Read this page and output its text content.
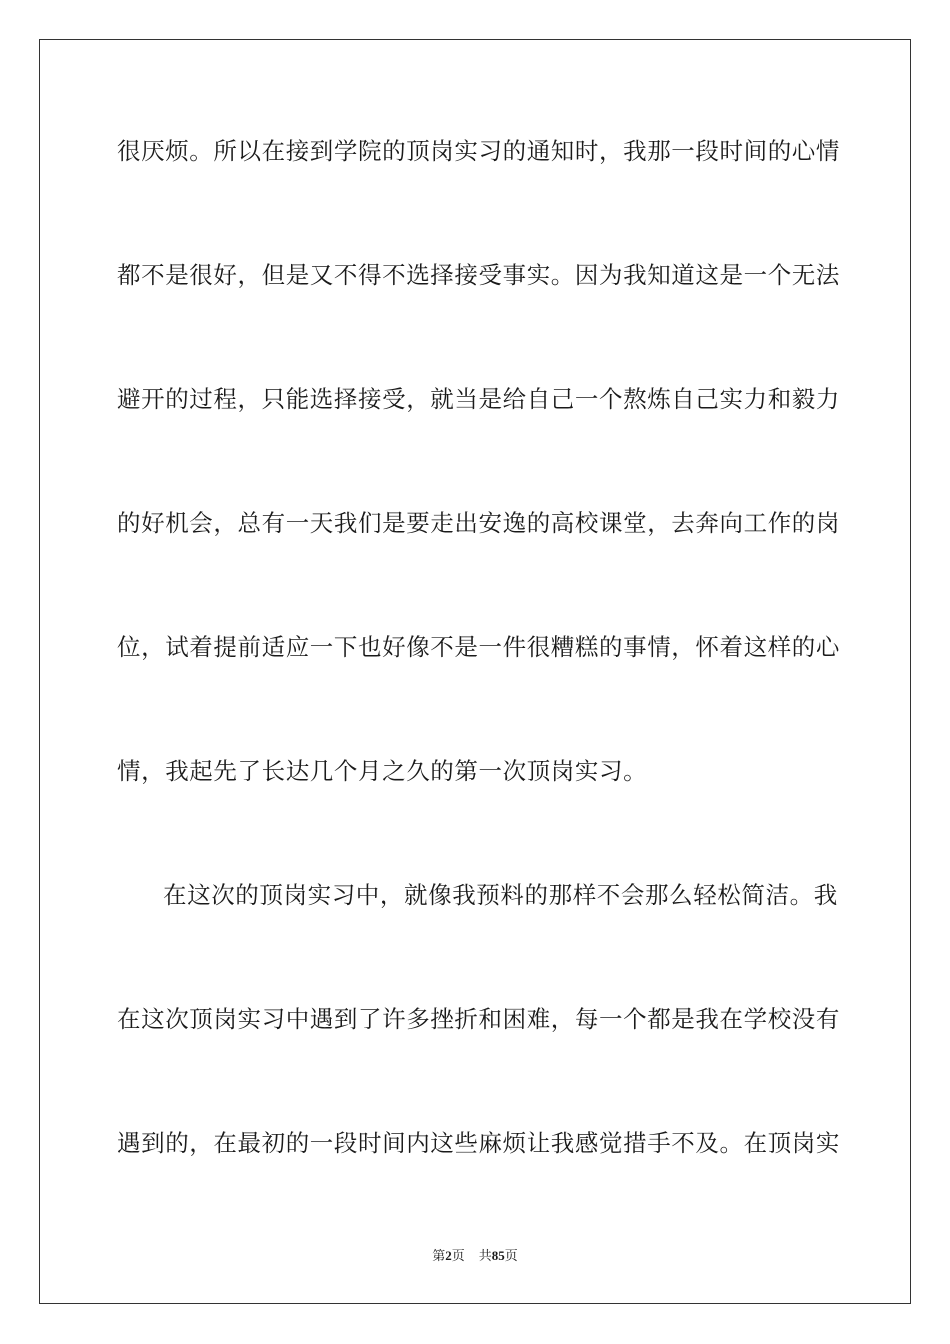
很厌烦。所以在接到学院的顶岗实习的通知时，我那一段时间的心情
都不是很好，但是又不得不选择接受事实。因为我知道这是一个无法
避开的过程，只能选择接受，就当是给自己一个熬炼自己实力和毅力
的好机会，总有一天我们是要走出安逸的高校课堂，去奔向工作的岗
位，试着提前适应一下也好像不是一件很糟糕的事情，怀着这样的心
情，我起先了长达几个月之久的第一次顶岗实习。
在这次的顶岗实习中，就像我预料的那样不会那么轻松简洁。我
在这次顶岗实习中遇到了许多挫折和困难，每一个都是我在学校没有
遇到的，在最初的一段时间内这些麻烦让我感觉措手不及。在顶岗实
第2页 共85页
